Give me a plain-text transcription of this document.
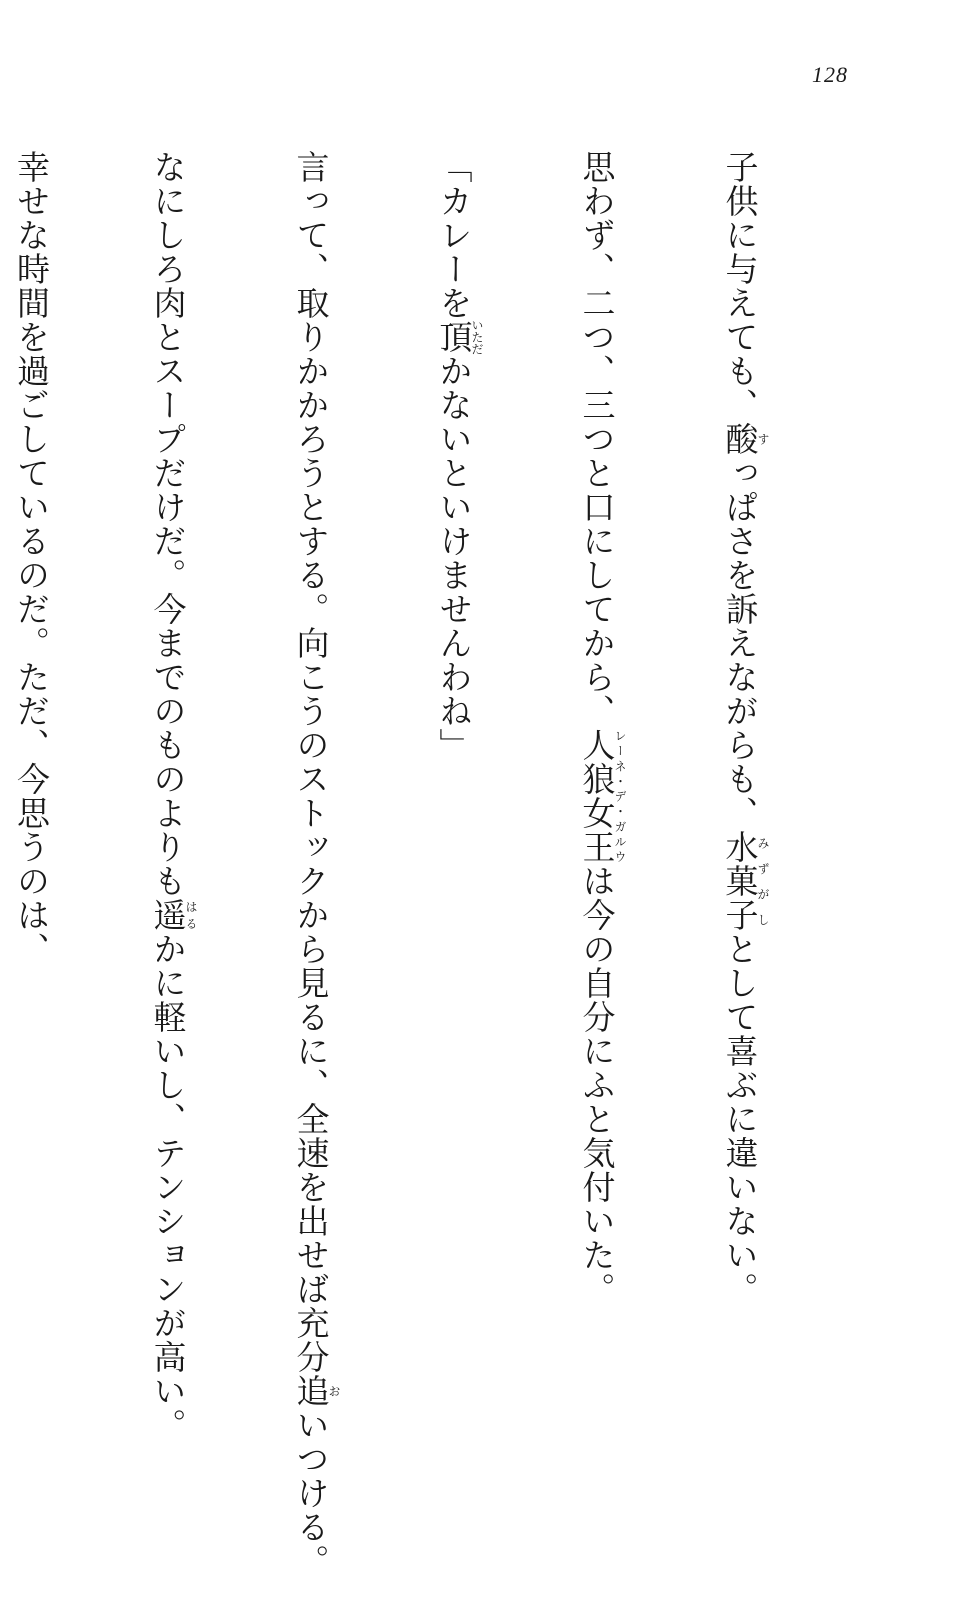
128

子供に与えても、酸すっぱさを訴えながらも、水菓子みずがしとして喜ぶに違いない。

思わず、二つ、三つと口にしてから、人狼女王レーネ・デ・ガルウは今の自分にふと気付いた。

「カレーを頂いただかないといけませんわね」

言って、取りかかろうとする。向こうのストックから見るに、全速を出せば充分追おいつける。

なにしろ肉とスープだけだ。今までのものよりも遥はるかに軽いし、テンションが高い。

幸せな時間を過ごしているのだ。ただ、今思うのは、
